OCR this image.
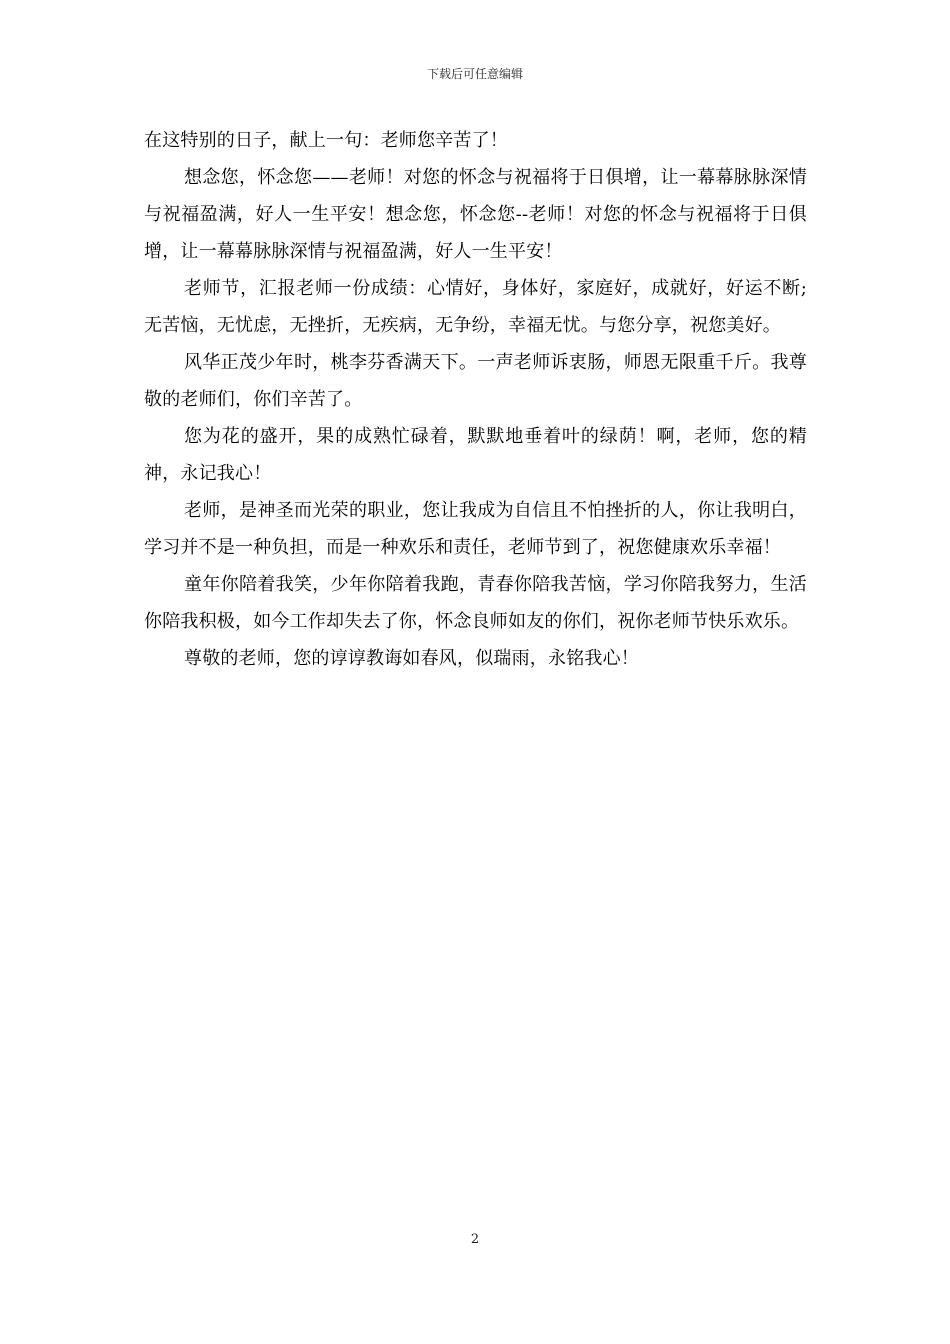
下载后可任意编辑

在这特别的日子，献上一句：老师您辛苦了！

想念您，怀念您——老师！对您的怀念与祝福将于日俱增，让一幕幕脉脉深情与祝福盈满，好人一生平安！想念您，怀念您--老师！对您的怀念与祝福将于日俱增，让一幕幕脉脉深情与祝福盈满，好人一生平安！

老师节，汇报老师一份成绩：心情好，身体好，家庭好，成就好，好运不断;无苦恼，无忧虑，无挫折，无疾病，无争纷，幸福无忧。与您分享，祝您美好。

风华正茂少年时，桃李芬香满天下。一声老师诉衷肠，师恩无限重千斤。我尊敬的老师们，你们辛苦了。

您为花的盛开，果的成熟忙碌着，默默地垂着叶的绿荫！啊，老师，您的精神，永记我心！

老师，是神圣而光荣的职业，您让我成为自信且不怕挫折的人，你让我明白，学习并不是一种负担，而是一种欢乐和责任，老师节到了，祝您健康欢乐幸福！

童年你陪着我笑，少年你陪着我跑，青春你陪我苦恼，学习你陪我努力，生活你陪我积极，如今工作却失去了你，怀念良师如友的你们，祝你老师节快乐欢乐。

尊敬的老师，您的谆谆教诲如春风，似瑞雨，永铭我心！

2
